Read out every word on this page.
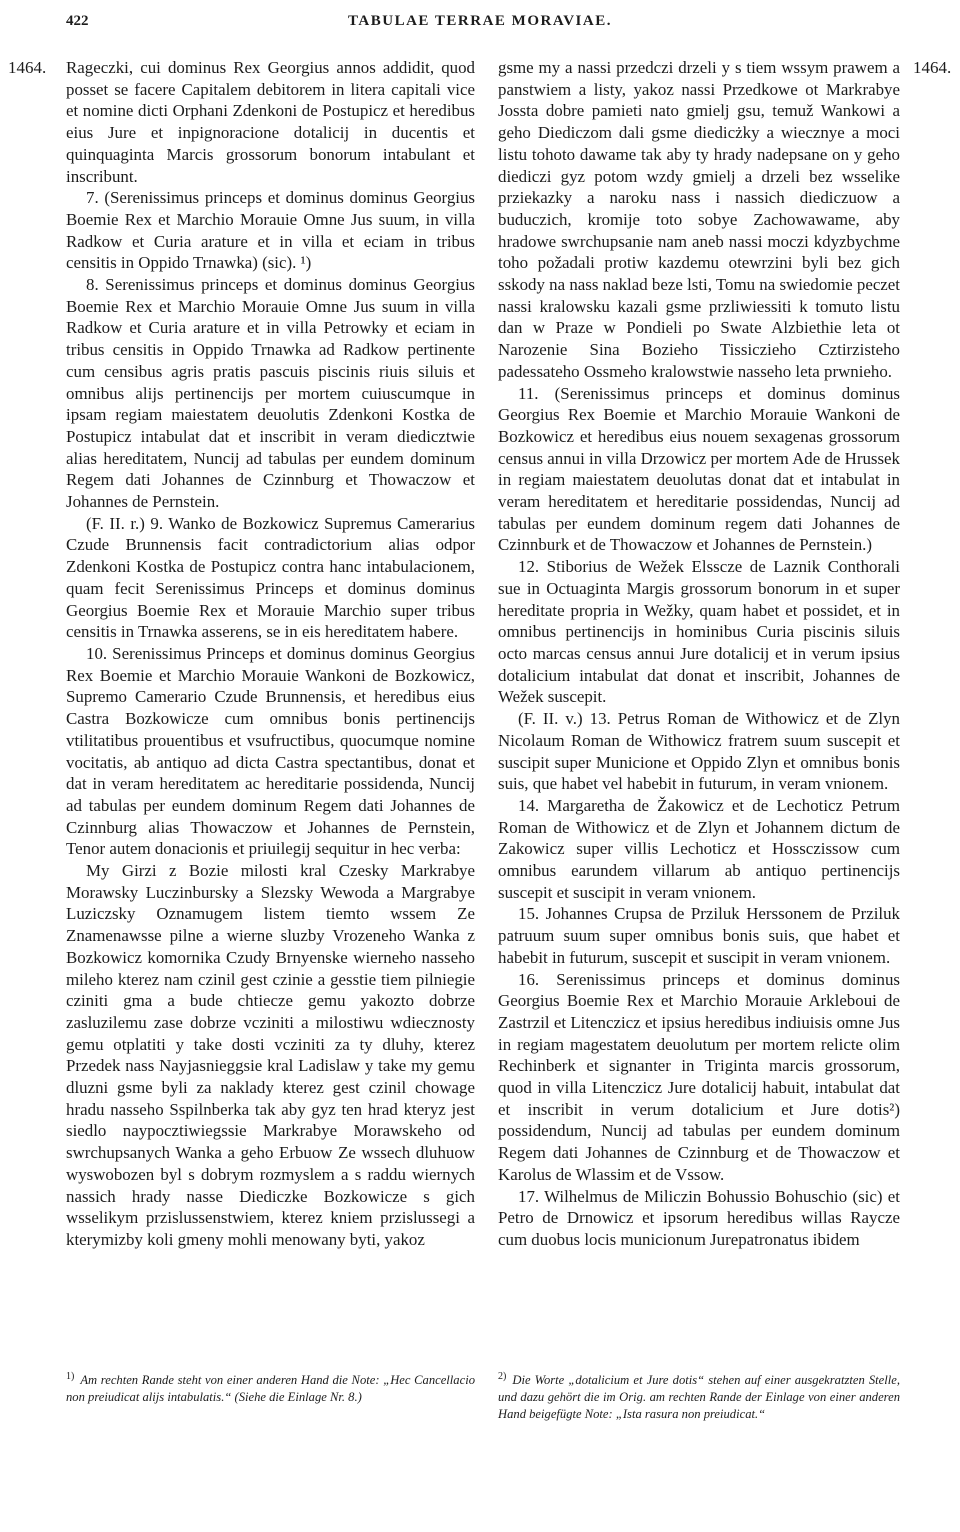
422	TABULAE TERRAE MORAVIAE.
1464.	1464.

Rageczki, cui dominus Rex Georgius annos addidit, quod posset se facere Capitalem debitorem in litera capitali vice et nomine dicti Orphani Zdenkoni de Postupicz et heredibus eius Jure et inpignoracione dotalicij in ducentis et quinquaginta Marcis grossorum bonorum intabulant et inscribunt.

7. (Serenissimus princeps et dominus dominus Georgius Boemie Rex et Marchio Morauie Omne Jus suum, in villa Radkow et Curia arature et in villa et eciam in tribus censitis in Oppido Trnawka) (sic). ¹)

8. Serenissimus princeps et dominus dominus Georgius Boemie Rex et Marchio Morauie Omne Jus suum in villa Radkow et Curia arature et in villa Petrowky et eciam in tribus censitis in Oppido Trnawka ad Radkow pertinente cum censibus agris pratis pascuis piscinis riuis siluis et omnibus alijs pertinencijs per mortem cuiuscumque in ipsam regiam maiestatem deuolutis Zdenkoni Kostka de Postupicz intabulat dat et inscribit in veram diedicztwie alias hereditatem, Nuncij ad tabulas per eundem dominum Regem dati Johannes de Czinnburg et Thowaczow et Johannes de Pernstein.

(F. II. r.) 9. Wanko de Bozkowicz Supremus Camerarius Czude Brunnensis facit contradictorium alias odpor Zdenkoni Kostka de Postupicz contra hanc intabulacionem, quam fecit Serenissimus Princeps et dominus dominus Georgius Boemie Rex et Morauie Marchio super tribus censitis in Trnawka asserens, se in eis hereditatem habere.

10. Serenissimus Princeps et dominus dominus Georgius Rex Boemie et Marchio Morauie Wankoni de Bozkowicz, Supremo Camerario Czude Brunnensis, et heredibus eius Castra Bozkowicze cum omnibus bonis pertinencijs vtilitatibus prouentibus et vsufructibus, quocumque nomine vocitatis, ab antiquo ad dicta Castra spectantibus, donat et dat in veram hereditatem ac hereditarie possidenda, Nuncij ad tabulas per eundem dominum Regem dati Johannes de Czinnburg alias Thowaczow et Johannes de Pernstein, Tenor autem donacionis et priuilegij sequitur in hec verba:

My Girzi z Bozie milosti kral Czesky Markrabye Morawsky Luczinbursky a Slezsky Wewoda a Margrabye Luziczsky Oznamugem listem tiemto wssem Ze Znamenawsse pilne a wierne sluzby Vrozeneho Wanka z Bozkowicz komornika Czudy Brnyenske wierneho nasseho mileho kterez nam czinil gest czinie a gesstie tiem pilniegie cziniti gma a bude chtiecze gemu yakozto dobrze zasluzilemu zase dobrze vcziniti a milostiwu wdiecznosty gemu otplatiti y take dosti vcziniti za ty dluhy, kterez Przedek nass Nayjasnieggsie kral Ladislaw y take my gemu dluzni gsme byli za naklady kterez gest czinil chowage hradu nasseho Sspilnberka tak aby gyz ten hrad kteryz jest siedlo naypocztiwiegssie Markrabye Morawskeho od swrchupsanych Wanka a geho Erbuow Ze wssech dluhuow wyswobozen byl s dobrym rozmyslem a s raddu wiernych nassich hrady nasse Diediczke Bozkowicze s gich wsselikym przislussenstwiem, kterez kniem przislussegi a kterymizby koli gmeny mohli menowany byti, yakoz

gsme my a nassi przedczi drzeli y s tiem wssym prawem a panstwiem a listy, yakoz nassi Przedkowe ot Markrabye Jossta dobre pamieti nato gmielj gsu, temuž Wankowi a geho Diediczom dali gsme diedicżky a wiecznye a moci listu tohoto dawame tak aby ty hrady nadepsane on y geho diediczi gyz potom wzdy gmielj a drzeli bez wsselike prziekazky a naroku nass i nassich diediczuow a buduczich, kromije toto sobye Zachowawame, aby hradowe swrchupsanie nam aneb nassi moczi kdyzbychme toho požadali protiw kazdemu otewrzini byli bez gich sskody na nass naklad beze lsti, Tomu na swiedomie peczet nassi kralowsku kazali gsme przliwiessiti k tomuto listu dan w Praze w Pondieli po Swate Alzbiethie leta ot Narozenie Sina Bozieho Tissicziehо Cztirzisteho padessateho Ossmeho kralowstwie nasseho leta prwnieho.

11. (Serenissimus princeps et dominus dominus Georgius Rex Boemie et Marchio Morauie Wankoni de Bozkowicz et heredibus eius nouem sexagenas grossorum census annui in villa Drzowicz per mortem Ade de Hrussek in regiam maiestatem deuolutas donat dat et intabulat in veram hereditatem et hereditarie possidendas, Nuncij ad tabulas per eundem dominum regem dati Johannes de Czinnburk et de Thowaczow et Johannes de Pernstein.)

12. Stiborius de Wežek Elssсze de Laznik Conthorali sue in Octuaginta Margis grossorum bonorum in et super hereditate propria in Wežky, quam habet et possidet, et in omnibus pertinencijs in hominibus Curia piscinis siluis octo marcas census annui Jure dotalicij et in verum ipsius dotalicium intabulat dat donat et inscribit, Johannes de Wežek suscepit.

(F. II. v.) 13. Petrus Roman de Withowicz et de Zlyn Nicolaum Roman de Withowicz fratrem suum suscepit et suscipit super Municione et Oppido Zlyn et omnibus bonis suis, que habet vel habebit in futurum, in veram vnionem.

14. Margaretha de Žakowicz et de Lechoticz Petrum Roman de Withowicz et de Zlyn et Johannem dictum de Zakowicz super villis Lechoticz et Hossczissow cum omnibus earundem villarum ab antiquo pertinencijs suscepit et suscipit in veram vnionem.

15. Johannes Crupsa de Prziluk Herssonem de Prziluk patruum suum super omnibus bonis suis, que habet et habebit in futurum, suscepit et suscipit in veram vnionem.

16. Serenissimus princeps et dominus dominus Georgius Boemie Rex et Marchio Morauie Arkleboui de Zastrzil et Litenczicz et ipsius heredibus indiuisis omne Jus in regiam magestatem deuolutum per mortem relicte olim Rechinberk et signanter in Triginta marcis grossorum, quod in villa Litenczicz Jure dotalicij habuit, intabulat dat et inscribit in verum dotalicium et Jure dotis²) possidendum, Nuncij ad tabulas per eundem dominum Regem dati Johannes de Czinnburg et de Thowaczow et Karolus de Wlassim et de Vssow.

17. Wilhelmus de Miliczin Bohussio Bohuschio (sic) et Petro de Drnowicz et ipsorum heredibus willas Rayczе cum duobus locis municionum Jurepatronatus ibidem

$^{1)}$ Am rechten Rande steht von einer anderen Hand die Note: „Hec Cancellacio non preiudicat alijs intabulatis.“ (Siehe die Einlage Nr. 8.)

$^{2)}$ Die Worte „dotalicium et Jure dotis“ stehen auf einer ausgekratzten Stelle, und dazu gehört die im Orig. am rechten Rande der Einlage von einer anderen Hand beigefügte Note: „Ista rasura non preiudicat.“
